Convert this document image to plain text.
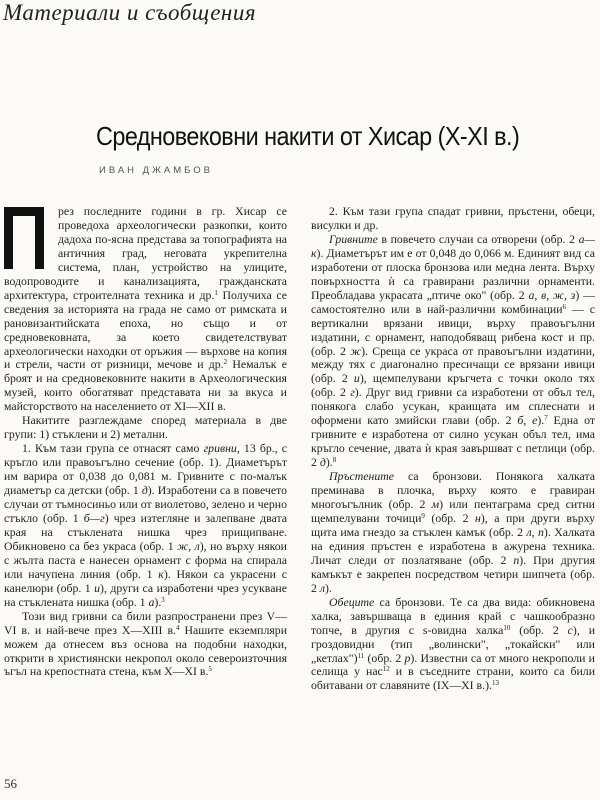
Материали и съобщения
Средновековни накити от Хисар (X-XI в.)
ИВАН ДЖАМБОВ

рез последните години в гр. Хисар се проведоха археологически разкопки, които дадоха по-ясна представа за топографията на античния град, неговата укрепителна система, план, устройство на улиците, водопроводите и канализацията, гражданската архитектура, строителната техника и др.$^1$ Получиха се сведения за историята на града не само от римската и рановизантийската епоха, но също и от средновековната, за което свидетелствуват археологически находки от оръжия — върхове на копия и стрели, части от ризници, мечове и др.$^2$ Немалък е броят и на средновековните накити в Археологическия музей, които обогатяват представата ни за вкуса и майсторството на населението от XI—XII в.

Накитите разглеждаме според материала в две групи: 1) стъклени и 2) метални.

1. Към тази група се отнасят само гривни, 13 бр., с кръгло или правоъгълно сечение (обр. 1). Диаметърът им варира от 0,038 до 0,081 м. Гривните с по-малък диаметър са детски (обр. 1 д). Изработени са в повечето случаи от тъмносиньо или от виолетово, зелено и черно стъкло (обр. 1 б—г) чрез изтегляне и залепване двата края на стъклената нишка чрез прищипване. Обикновено са без украса (обр. 1 ж, л), но върху някои с жълта паста е нанесен орнамент с форма на спирала или начупена линия (обр. 1 к). Някои са украсени с канелюри (обр. 1 и), други са изработени чрез усукване на стъклената нишка (обр. 1 а).$^3$

Този вид гривни са били разпространени през V—VI в. и най-вече през X—XIII в.$^4$ Нашите екземпляри можем да отнесем въз основа на подобни находки, открити в християнски некропол около североизточния ъгъл на крепостната стена, към X—XI в.$^5$

2. Към тази група спадат гривни, пръстени, обеци, висулки и др.

Гривните в повечето случаи са отворени (обр. 2 а—к). Диаметърът им е от 0,048 до 0,066 м. Единият вид са изработени от плоска бронзова или медна лента. Върху повърхността ѝ са гравирани различни орнаменти. Преобладава украсата „птиче око" (обр. 2 а, в, ж, з) — самостоятелно или в най-различни комбинации$^6$ — с вертикални врязани ивици, върху правоъгълни издатини, с орнамент, наподобяващ рибена кост и пр. (обр. 2 ж). Среща се украса от правоъгълни издатини, между тях с диагонално пресичащи се врязани ивици (обр. 2 и), щемпелувани кръгчета с точки около тях (обр. 2 г). Друг вид гривни са изработени от объл тел, понякога слабо усукан, краищата им сплеснати и оформени като змийски глави (обр. 2 б, е).$^7$ Една от гривните е изработена от силно усукан объл тел, има кръгло сечение, двата ѝ края завършват с петлици (обр. 2 д).$^8$

Пръстените са бронзови. Понякога халката преминава в плочка, върху която е гравиран многоъгълник (обр. 2 м) или пентаграма сред ситни щемпелувани точици$^9$ (обр. 2 н), а при други върху щита има гнездо за стъклен камък (обр. 2 л, п). Халката на единия пръстен е изработена в ажурена техника. Личат следи от позлатяване (обр. 2 п). При другия камъкът е закрепен посредством четири шипчета (обр. 2 л).

Обеците са бронзови. Те са два вида: обикновена халка, завършваща в единия край с чашкообразно топче, в другия с s-овидна халка$^{10}$ (обр. 2 с), и гроздовидни (тип „волински", „токайски" или „кетлах")$^{11}$ (обр. 2 р). Известни са от много некрополи и селища у нас$^{12}$ и в съседните страни, които са били обитавани от славяните (IX—XI в.).$^{13}$

56
